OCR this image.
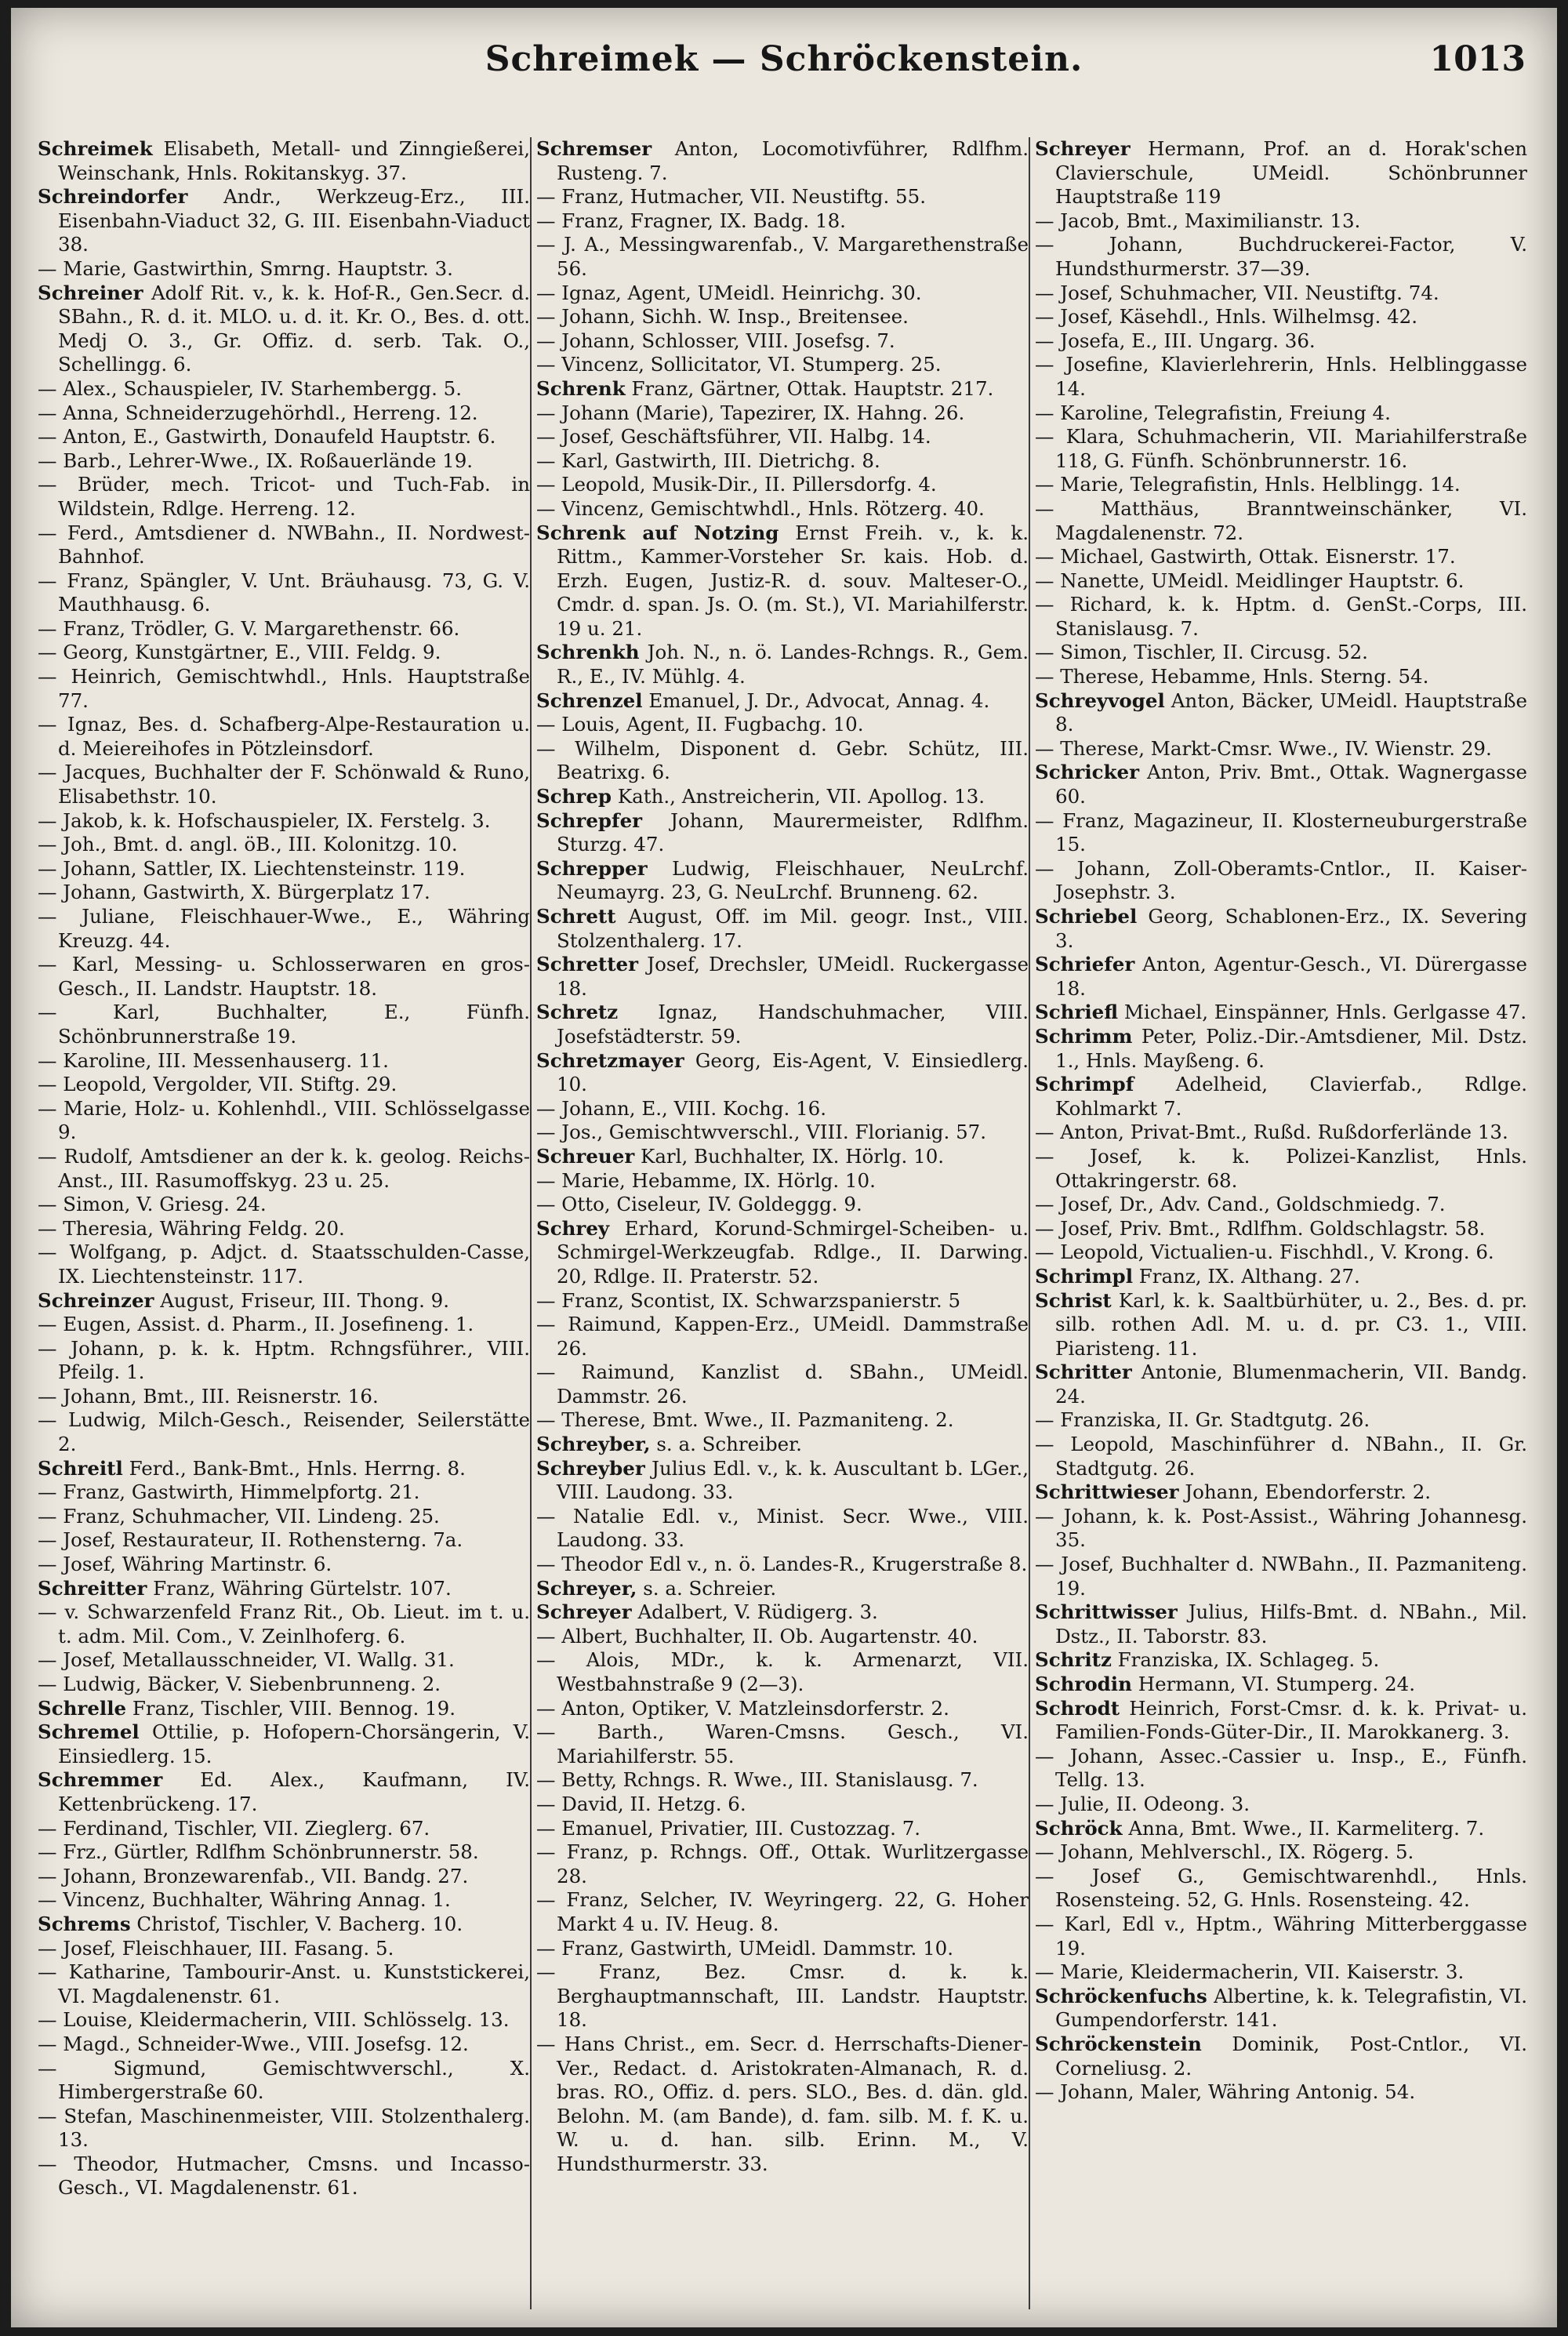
Schreimek — Schröckenstein.	1013
Schreimek Elisabeth, Metall- und Zinngießerei, Weinschank, Hnls. Rokitanskyg. 37.
Schreindorfer Andr., Werkzeug-Erz., III. Eisenbahn-Viaduct 32, G. III. Eisenbahn-Viaduct 38.
— Marie, Gastwirthin, Smrng. Hauptstr. 3.
Schreiner Adolf Rit. v., k. k. Hof-R., Gen.Secr. d. SBahn., R. d. it. MLO. u. d. it. Kr. O., Bes. d. ott. Medj O. 3., Gr. Offiz. d. serb. Tak. O., Schellingg. 6.
— Alex., Schauspieler, IV. Starhembergg. 5.
— Anna, Schneiderzugehörhdl., Herreng. 12.
— Anton, E., Gastwirth, Donaufeld Hauptstr. 6.
— Barb., Lehrer-Wwe., IX. Roßauerlände 19.
— Brüder, mech. Tricot- und Tuch-Fab. in Wildstein, Rdlge. Herreng. 12.
— Ferd., Amtsdiener d. NWBahn., II. Nordwest-Bahnhof.
— Franz, Spängler, V. Unt. Bräuhausg. 73, G. V. Mauthhausg. 6.
— Franz, Trödler, G. V. Margarethenstr. 66.
— Georg, Kunstgärtner, E., VIII. Feldg. 9.
— Heinrich, Gemischtwhdl., Hnls. Hauptstraße 77.
— Ignaz, Bes. d. Schafberg-Alpe-Restauration u. d. Meiereihofes in Pötzleinsdorf.
— Jacques, Buchhalter der F. Schönwald & Runo, Elisabethstr. 10.
— Jakob, k. k. Hofschauspieler, IX. Ferstelg. 3.
— Joh., Bmt. d. angl. öB., III. Kolonitzg. 10.
— Johann, Sattler, IX. Liechtensteinstr. 119.
— Johann, Gastwirth, X. Bürgerplatz 17.
— Juliane, Fleischhauer-Wwe., E., Währing Kreuzg. 44.
— Karl, Messing- u. Schlosserwaren en gros-Gesch., II. Landstr. Hauptstr. 18.
— Karl, Buchhalter, E., Fünfh. Schönbrunnerstraße 19.
— Karoline, III. Messenhauserg. 11.
— Leopold, Vergolder, VII. Stiftg. 29.
— Marie, Holz- u. Kohlenhdl., VIII. Schlösselgasse 9.
— Rudolf, Amtsdiener an der k. k. geolog. Reichs-Anst., III. Rasumoffskyg. 23 u. 25.
— Simon, V. Griesg. 24.
— Theresia, Währing Feldg. 20.
— Wolfgang, p. Adjct. d. Staatsschulden-Casse, IX. Liechtensteinstr. 117.
Schreinzer August, Friseur, III. Thong. 9.
— Eugen, Assist. d. Pharm., II. Josefineng. 1.
— Johann, p. k. k. Hptm. Rchngsführer., VIII. Pfeilg. 1.
— Johann, Bmt., III. Reisnerstr. 16.
— Ludwig, Milch-Gesch., Reisender, Seilerstätte 2.
Schreitl Ferd., Bank-Bmt., Hnls. Herrng. 8.
— Franz, Gastwirth, Himmelpfortg. 21.
— Franz, Schuhmacher, VII. Lindeng. 25.
— Josef, Restaurateur, II. Rothensterng. 7a.
— Josef, Währing Martinstr. 6.
Schreitter Franz, Währing Gürtelstr. 107.
— v. Schwarzenfeld Franz Rit., Ob. Lieut. im t. u. t. adm. Mil. Com., V. Zeinlhoferg. 6.
— Josef, Metallausschneider, VI. Wallg. 31.
— Ludwig, Bäcker, V. Siebenbrunneng. 2.
Schrelle Franz, Tischler, VIII. Bennog. 19.
Schremel Ottilie, p. Hofopern-Chorsängerin, V. Einsiedlerg. 15.
Schremmer Ed. Alex., Kaufmann, IV. Kettenbrückeng. 17.
— Ferdinand, Tischler, VII. Zieglerg. 67.
— Frz., Gürtler, Rdlfhm Schönbrunnerstr. 58.
— Johann, Bronzewarenfab., VII. Bandg. 27.
— Vincenz, Buchhalter, Währing Annag. 1.
Schrems Christof, Tischler, V. Bacherg. 10.
— Josef, Fleischhauer, III. Fasang. 5.
— Katharine, Tambourir-Anst. u. Kunststickerei, VI. Magdalenenstr. 61.
— Louise, Kleidermacherin, VIII. Schlösselg. 13.
— Magd., Schneider-Wwe., VIII. Josefsg. 12.
— Sigmund, Gemischtwverschl., X. Himbergerstraße 60.
— Stefan, Maschinenmeister, VIII. Stolzenthalerg. 13.
— Theodor, Hutmacher, Cmsns. und Incasso-Gesch., VI. Magdalenenstr. 61.
Schremser Anton, Locomotivführer, Rdlfhm. Rusteng. 7.
— Franz, Hutmacher, VII. Neustiftg. 55.
— Franz, Fragner, IX. Badg. 18.
— J. A., Messingwarenfab., V. Margarethenstraße 56.
— Ignaz, Agent, UMeidl. Heinrichg. 30.
— Johann, Sichh. W. Insp., Breitensee.
— Johann, Schlosser, VIII. Josefsg. 7.
— Vincenz, Sollicitator, VI. Stumperg. 25.
Schrenk Franz, Gärtner, Ottak. Hauptstr. 217.
— Johann (Marie), Tapezirer, IX. Hahng. 26.
— Josef, Geschäftsführer, VII. Halbg. 14.
— Karl, Gastwirth, III. Dietrichg. 8.
— Leopold, Musik-Dir., II. Pillersdorfg. 4.
— Vincenz, Gemischtwhdl., Hnls. Rötzerg. 40.
Schrenk auf Notzing Ernst Freih. v., k. k. Rittm., Kammer-Vorsteher Sr. kais. Hob. d. Erzh. Eugen, Justiz-R. d. souv. Malteser-O., Cmdr. d. span. Js. O. (m. St.), VI. Mariahilferstr. 19 u. 21.
Schrenkh Joh. N., n. ö. Landes-Rchngs. R., Gem. R., E., IV. Mühlg. 4.
Schrenzel Emanuel, J. Dr., Advocat, Annag. 4.
— Louis, Agent, II. Fugbachg. 10.
— Wilhelm, Disponent d. Gebr. Schütz, III. Beatrixg. 6.
Schrep Kath., Anstreicherin, VII. Apollog. 13.
Schrepfer Johann, Maurermeister, Rdlfhm. Sturzg. 47.
Schrepper Ludwig, Fleischhauer, NeuLrchf. Neumayrg. 23, G. NeuLrchf. Brunneng. 62.
Schrett August, Off. im Mil. geogr. Inst., VIII. Stolzenthalerg. 17.
Schretter Josef, Drechsler, UMeidl. Ruckergasse 18.
Schretz Ignaz, Handschuhmacher, VIII. Josefstädterstr. 59.
Schretzmayer Georg, Eis-Agent, V. Einsiedlerg. 10.
— Johann, E., VIII. Kochg. 16.
— Jos., Gemischtwverschl., VIII. Florianig. 57.
Schreuer Karl, Buchhalter, IX. Hörlg. 10.
— Marie, Hebamme, IX. Hörlg. 10.
— Otto, Ciseleur, IV. Goldeggg. 9.
Schrey Erhard, Korund-Schmirgel-Scheiben- u. Schmirgel-Werkzeugfab. Rdlge., II. Darwing. 20, Rdlge. II. Praterstr. 52.
— Franz, Scontist, IX. Schwarzspanierstr. 5
— Raimund, Kappen-Erz., UMeidl. Dammstraße 26.
— Raimund, Kanzlist d. SBahn., UMeidl. Dammstr. 26.
— Therese, Bmt. Wwe., II. Pazmaniteng. 2.
Schreyber, s. a. Schreiber.
Schreyber Julius Edl. v., k. k. Auscultant b. LGer., VIII. Laudong. 33.
— Natalie Edl. v., Minist. Secr. Wwe., VIII. Laudong. 33.
— Theodor Edl v., n. ö. Landes-R., Krugerstraße 8.
Schreyer, s. a. Schreier.
Schreyer Adalbert, V. Rüdigerg. 3.
— Albert, Buchhalter, II. Ob. Augartenstr. 40.
— Alois, MDr., k. k. Armenarzt, VII. Westbahnstraße 9 (2—3).
— Anton, Optiker, V. Matzleinsdorferstr. 2.
— Barth., Waren-Cmsns. Gesch., VI. Mariahilferstr. 55.
— Betty, Rchngs. R. Wwe., III. Stanislausg. 7.
— David, II. Hetzg. 6.
— Emanuel, Privatier, III. Custozzag. 7.
— Franz, p. Rchngs. Off., Ottak. Wurlitzergasse 28.
— Franz, Selcher, IV. Weyringerg. 22, G. Hoher Markt 4 u. IV. Heug. 8.
— Franz, Gastwirth, UMeidl. Dammstr. 10.
— Franz, Bez. Cmsr. d. k. k. Berghauptmannschaft, III. Landstr. Hauptstr. 18.
— Hans Christ., em. Secr. d. Herrschafts-Diener-Ver., Redact. d. Aristokraten-Almanach, R. d. bras. RO., Offiz. d. pers. SLO., Bes. d. dän. gld. Belohn. M. (am Bande), d. fam. silb. M. f. K. u. W. u. d. han. silb. Erinn. M., V. Hundsthurmerstr. 33.
Schreyer Hermann, Prof. an d. Horak'schen Clavierschule, UMeidl. Schönbrunner Hauptstraße 119
— Jacob, Bmt., Maximilianstr. 13.
— Johann, Buchdruckerei-Factor, V. Hundsthurmerstr. 37—39.
— Josef, Schuhmacher, VII. Neustiftg. 74.
— Josef, Käsehdl., Hnls. Wilhelmsg. 42.
— Josefa, E., III. Ungarg. 36.
— Josefine, Klavierlehrerin, Hnls. Helblinggasse 14.
— Karoline, Telegrafistin, Freiung 4.
— Klara, Schuhmacherin, VII. Mariahilferstraße 118, G. Fünfh. Schönbrunnerstr. 16.
— Marie, Telegrafistin, Hnls. Helblingg. 14.
— Matthäus, Branntweinschänker, VI. Magdalenenstr. 72.
— Michael, Gastwirth, Ottak. Eisnerstr. 17.
— Nanette, UMeidl. Meidlinger Hauptstr. 6.
— Richard, k. k. Hptm. d. GenSt.-Corps, III. Stanislausg. 7.
— Simon, Tischler, II. Circusg. 52.
— Therese, Hebamme, Hnls. Sterng. 54.
Schreyvogel Anton, Bäcker, UMeidl. Hauptstraße 8.
— Therese, Markt-Cmsr. Wwe., IV. Wienstr. 29.
Schricker Anton, Priv. Bmt., Ottak. Wagnergasse 60.
— Franz, Magazineur, II. Klosterneuburgerstraße 15.
— Johann, Zoll-Oberamts-Cntlor., II. Kaiser-Josephstr. 3.
Schriebel Georg, Schablonen-Erz., IX. Severing 3.
Schriefer Anton, Agentur-Gesch., VI. Dürergasse 18.
Schriefl Michael, Einspänner, Hnls. Gerlgasse 47.
Schrimm Peter, Poliz.-Dir.-Amtsdiener, Mil. Dstz. 1., Hnls. Mayßeng. 6.
Schrimpf Adelheid, Clavierfab., Rdlge. Kohlmarkt 7.
— Anton, Privat-Bmt., Rußd. Rußdorferlände 13.
— Josef, k. k. Polizei-Kanzlist, Hnls. Ottakringerstr. 68.
— Josef, Dr., Adv. Cand., Goldschmiedg. 7.
— Josef, Priv. Bmt., Rdlfhm. Goldschlagstr. 58.
— Leopold, Victualien-u. Fischhdl., V. Krong. 6.
Schrimpl Franz, IX. Althang. 27.
Schrist Karl, k. k. Saaltbürhüter, u. 2., Bes. d. pr. silb. rothen Adl. M. u. d. pr. C3. 1., VIII. Piaristeng. 11.
Schritter Antonie, Blumenmacherin, VII. Bandg. 24.
— Franziska, II. Gr. Stadtgutg. 26.
— Leopold, Maschinführer d. NBahn., II. Gr. Stadtgutg. 26.
Schrittwieser Johann, Ebendorferstr. 2.
— Johann, k. k. Post-Assist., Währing Johannesg. 35.
— Josef, Buchhalter d. NWBahn., II. Pazmaniteng. 19.
Schrittwisser Julius, Hilfs-Bmt. d. NBahn., Mil. Dstz., II. Taborstr. 83.
Schritz Franziska, IX. Schlageg. 5.
Schrodin Hermann, VI. Stumperg. 24.
Schrodt Heinrich, Forst-Cmsr. d. k. k. Privat- u. Familien-Fonds-Güter-Dir., II. Marokkanerg. 3.
— Johann, Assec.-Cassier u. Insp., E., Fünfh. Tellg. 13.
— Julie, II. Odeong. 3.
Schröck Anna, Bmt. Wwe., II. Karmeliterg. 7.
— Johann, Mehlverschl., IX. Rögerg. 5.
— Josef G., Gemischtwarenhdl., Hnls. Rosensteing. 52, G. Hnls. Rosensteing. 42.
— Karl, Edl v., Hptm., Währing Mitterberggasse 19.
— Marie, Kleidermacherin, VII. Kaiserstr. 3.
Schröckenfuchs Albertine, k. k. Telegrafistin, VI. Gumpendorferstr. 141.
Schröckenstein Dominik, Post-Cntlor., VI. Corneliusg. 2.
— Johann, Maler, Währing Antonig. 54.
